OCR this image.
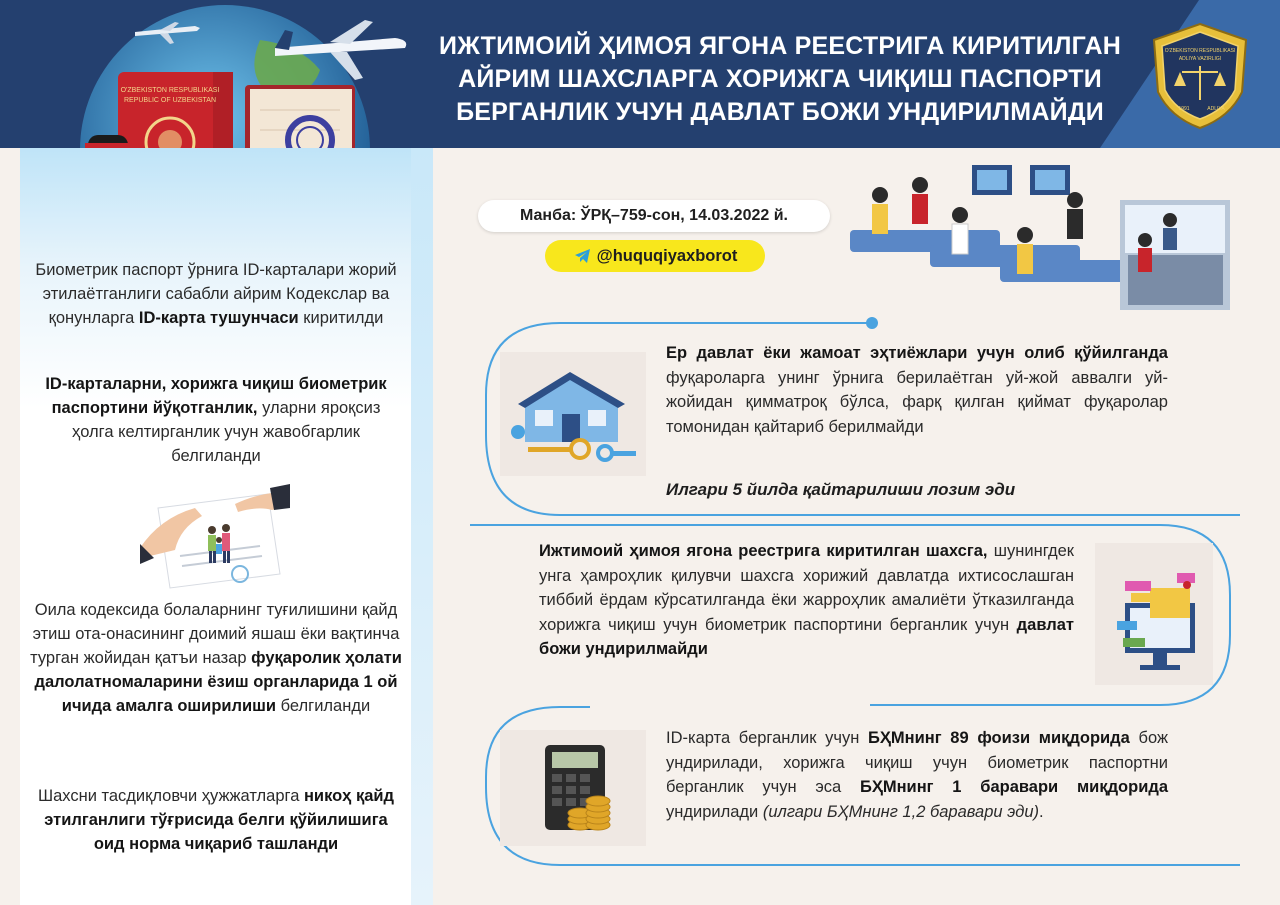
O'ZBEKISTON RESPUBLIKASI
REPUBLIC OF UZBEKISTAN
ИЖТИМОИЙ ҲИМОЯ ЯГОНА РЕЕСТРИГА КИРИТИЛГАН
АЙРИМ ШАХСЛАРГА ХОРИЖГА ЧИҚИШ ПАСПОРТИ
БЕРГАНЛИК УЧУН ДАВЛАТ БОЖИ УНДИРИЛМАЙДИ
O'ZBEKISTON RESPUBLIKASI
ADLIYA VAZIRLIGI
1991	ADLIYA
Биометрик паспорт ўрнига ID-карталари жорий этилаётганлиги сабабли айрим Кодекслар ва қонунларга ID-карта тушунчаси киритилди
ID-карталарни, хорижга чиқиш биометрик паспортини йўқотганлик, уларни яроқсиз ҳолга келтирганлик учун жавобгарлик белгиланди
Оила кодексида болаларнинг туғилишини қайд этиш ота-онасининг доимий яшаш ёки вақтинча турган жойидан қатъи назар фуқаролик ҳолати далолатномаларини ёзиш органларида 1 ой ичида амалга оширилиши белгиланди
Шахсни тасдиқловчи ҳужжатларга никоҳ қайд этилганлиги тўғрисида белги қўйилишига оид норма чиқариб ташланди
Манба: ЎРҚ–759-сон, 14.03.2022 й.
@huquqiyaxborot
Ер давлат ёки жамоат эҳтиёжлари учун олиб қўйилганда фуқароларга унинг ўрнига берилаётган уй-жой аввалги уй-жойидан қимматроқ бўлса, фарқ қилган қиймат фуқаролар томонидан қайтариб берилмайди
Илгари 5 йилда қайтарилиши лозим эди
Ижтимоий ҳимоя ягона реестрига киритилган шахсга, шунингдек унга ҳамроҳлик қилувчи шахсга хорижий давлатда ихтисослашган тиббий ёрдам кўрсатилганда ёки жарроҳлик амалиёти ўтказилганда хорижга чиқиш учун биометрик паспортини берганлик учун давлат божи ундирилмайди
ID-карта берганлик учун БҲМнинг 89 фоизи миқдорида бож ундирилади, хорижга чиқиш учун биометрик паспортни берганлик учун эса БҲМнинг 1 баравари миқдорида ундирилади (илгари БҲМнинг 1,2 баравари эди).
